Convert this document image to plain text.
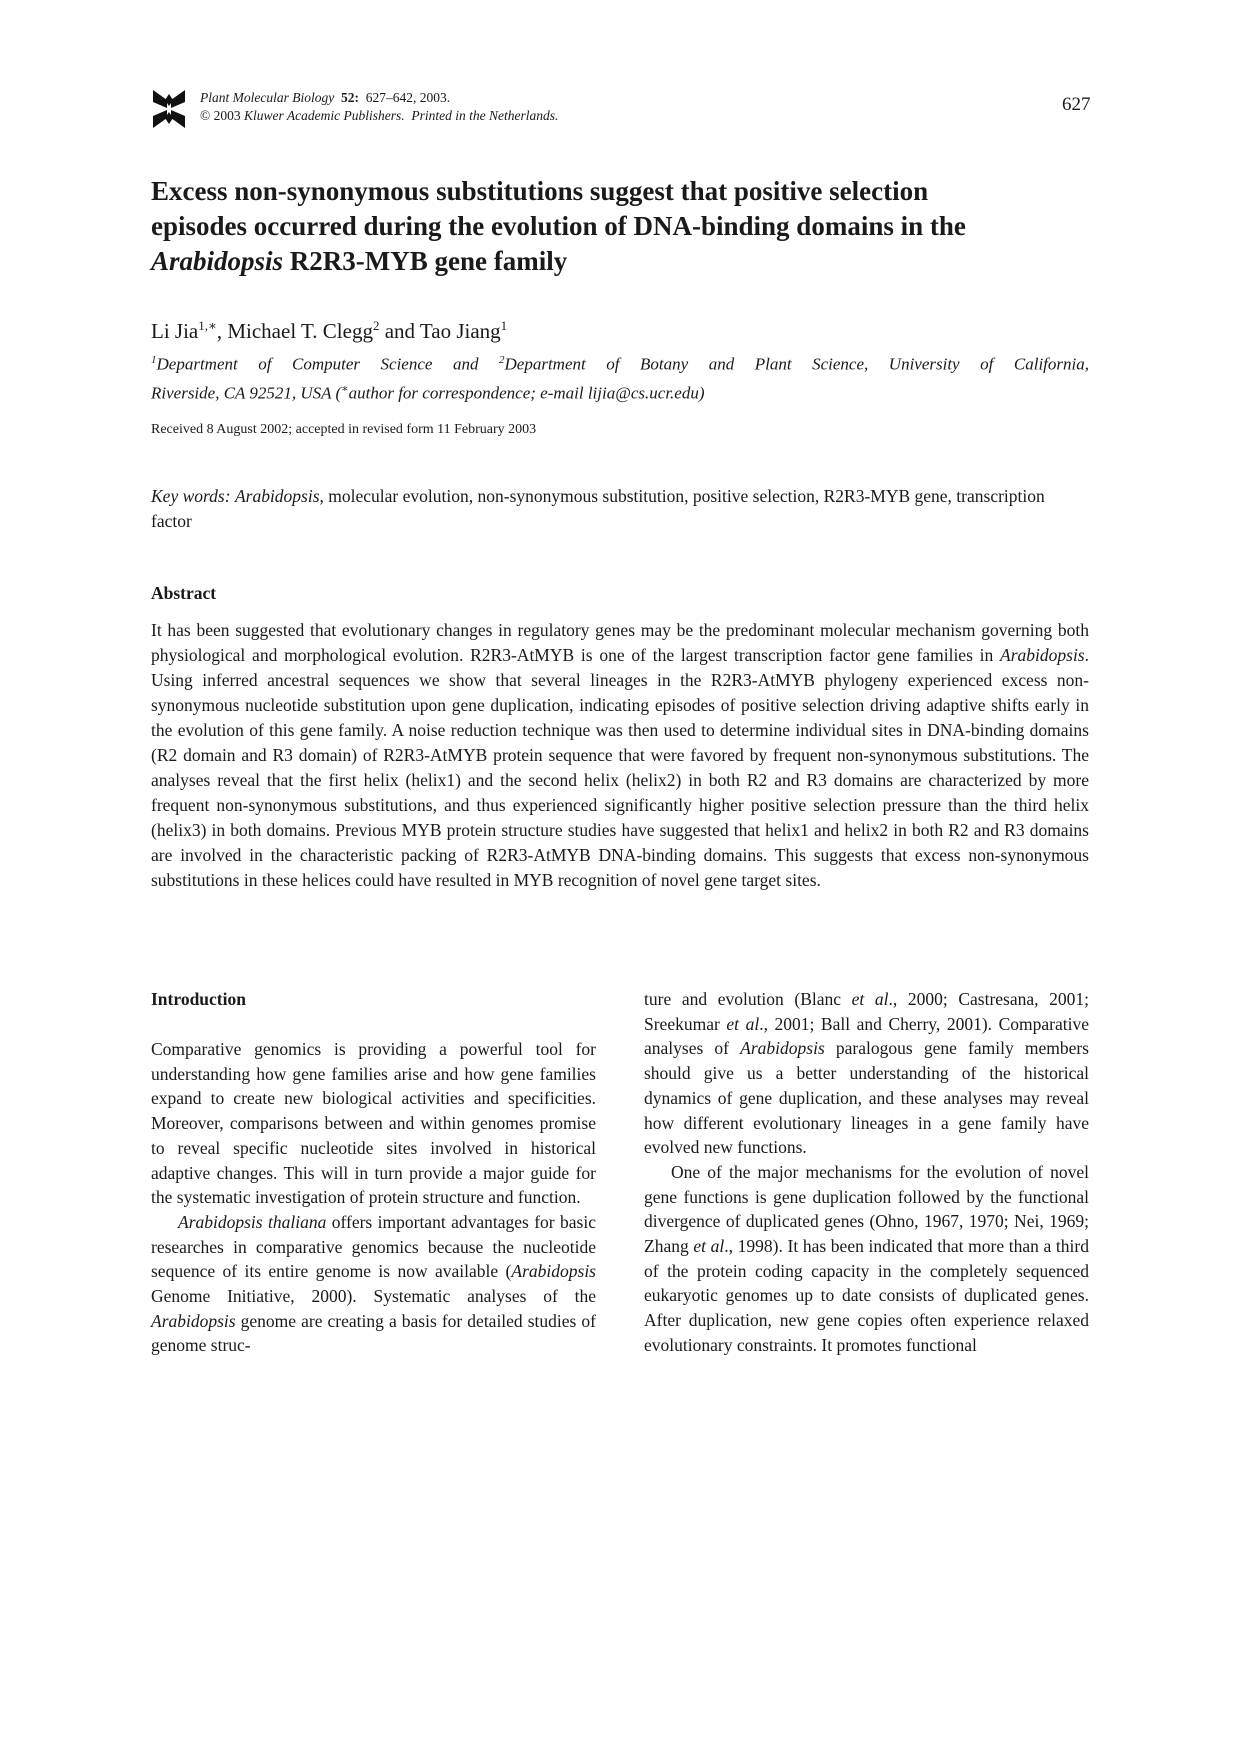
Plant Molecular Biology 52: 627–642, 2003.
© 2003 Kluwer Academic Publishers. Printed in the Netherlands.
627
Excess non-synonymous substitutions suggest that positive selection
episodes occurred during the evolution of DNA-binding domains in the
Arabidopsis R2R3-MYB gene family
Li Jia$^{1,∗}$, Michael T. Clegg$^2$ and Tao Jiang$^1$
$^1$Department of Computer Science and $^2$Department of Botany and Plant Science, University of California,
Riverside, CA 92521, USA (∗author for correspondence; e-mail lijia@cs.ucr.edu)
Received 8 August 2002; accepted in revised form 11 February 2003
Key words: Arabidopsis, molecular evolution, non-synonymous substitution, positive selection, R2R3-MYB gene, transcription factor
Abstract

It has been suggested that evolutionary changes in regulatory genes may be the predominant molecular mechanism governing both physiological and morphological evolution. R2R3-AtMYB is one of the largest transcription factor gene families in Arabidopsis. Using inferred ancestral sequences we show that several lineages in the R2R3-AtMYB phylogeny experienced excess non-synonymous nucleotide substitution upon gene duplication, indicating episodes of positive selection driving adaptive shifts early in the evolution of this gene family. A noise reduction technique was then used to determine individual sites in DNA-binding domains (R2 domain and R3 domain) of R2R3-AtMYB protein sequence that were favored by frequent non-synonymous substitutions. The analyses reveal that the first helix (helix1) and the second helix (helix2) in both R2 and R3 domains are characterized by more frequent non-synonymous substitutions, and thus experienced significantly higher positive selection pressure than the third helix (helix3) in both domains. Previous MYB protein structure studies have suggested that helix1 and helix2 in both R2 and R3 domains are involved in the characteristic packing of R2R3-AtMYB DNA-binding domains. This suggests that excess non-synonymous substitutions in these helices could have resulted in MYB recognition of novel gene target sites.

Introduction

Comparative genomics is providing a powerful tool for understanding how gene families arise and how gene families expand to create new biological activities and specificities. Moreover, comparisons between and within genomes promise to reveal specific nucleotide sites involved in historical adaptive changes. This will in turn provide a major guide for the systematic investigation of protein structure and function.

Arabidopsis thaliana offers important advantages for basic researches in comparative genomics because the nucleotide sequence of its entire genome is now available (Arabidopsis Genome Initiative, 2000). Systematic analyses of the Arabidopsis genome are creating a basis for detailed studies of genome struc-

ture and evolution (Blanc et al., 2000; Castresana, 2001; Sreekumar et al., 2001; Ball and Cherry, 2001). Comparative analyses of Arabidopsis paralogous gene family members should give us a better understanding of the historical dynamics of gene duplication, and these analyses may reveal how different evolutionary lineages in a gene family have evolved new functions.

One of the major mechanisms for the evolution of novel gene functions is gene duplication followed by the functional divergence of duplicated genes (Ohno, 1967, 1970; Nei, 1969; Zhang et al., 1998). It has been indicated that more than a third of the protein coding capacity in the completely sequenced eukaryotic genomes up to date consists of duplicated genes. After duplication, new gene copies often experience relaxed evolutionary constraints. It promotes functional
